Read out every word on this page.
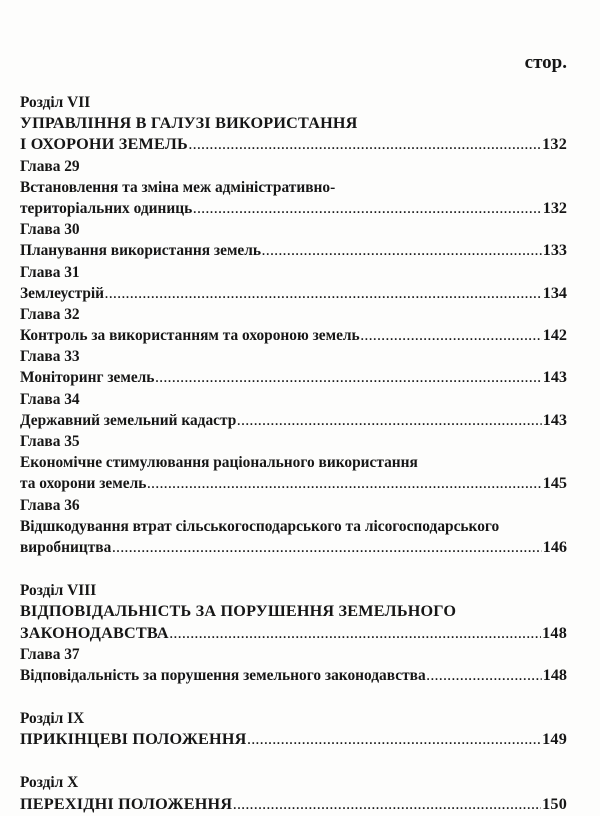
стор.
Розділ VII
УПРАВЛІННЯ В ГАЛУЗІ ВИКОРИСТАННЯ
І ОХОРОНИ ЗЕМЕЛЬ .....	132
Глава 29
Встановлення та зміна меж адміністративно-
територіальних одиниць .....	132
Глава 30
Планування використання земель .....	133
Глава 31
Землеустрій .....	134
Глава 32
Контроль за використанням та охороною земель .....	142
Глава 33
Моніторинг земель .....	143
Глава 34
Державний земельний кадастр .....	143
Глава 35
Економічне стимулювання раціонального використання
та охорони земель .....	145
Глава 36
Відшкодування втрат сільськогосподарського та лісогосподарського
виробництва .....	146
Розділ VIII
ВІДПОВІДАЛЬНІСТЬ ЗА ПОРУШЕННЯ ЗЕМЕЛЬНОГО
ЗАКОНОДАВСТВА .....	148
Глава 37
Відповідальність за порушення земельного законодавства .....	148
Розділ IX
ПРИКІНЦЕВІ ПОЛОЖЕННЯ .....	149
Розділ X
ПЕРЕХІДНІ ПОЛОЖЕННЯ .....	150
